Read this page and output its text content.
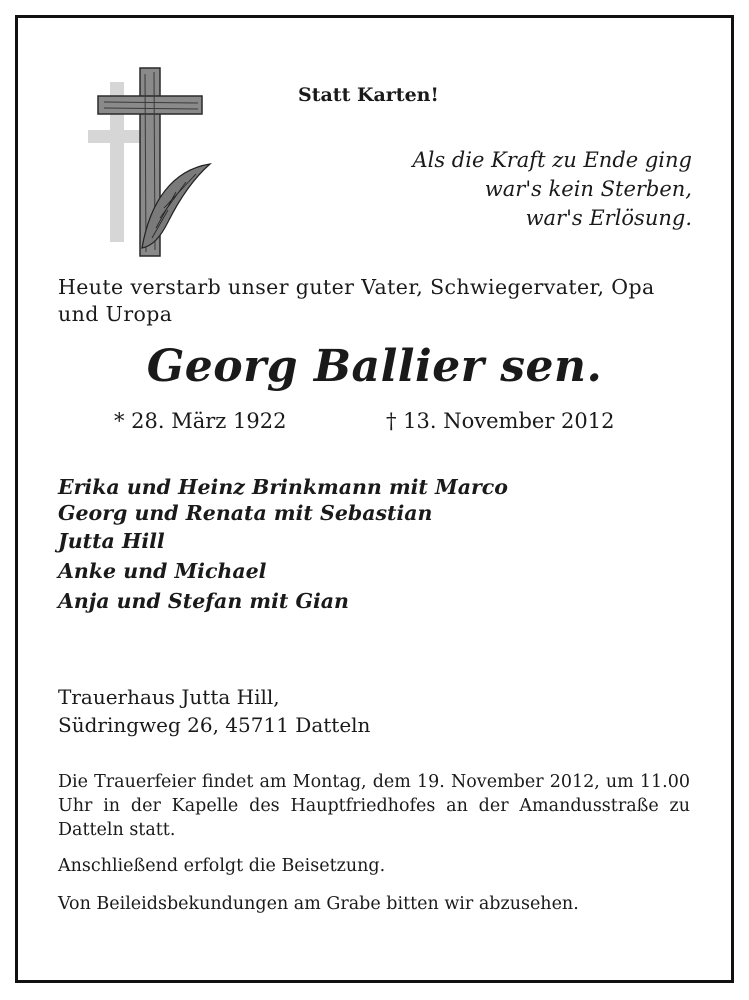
Statt Karten!
Als die Kraft zu Ende ging
war's kein Sterben,
war's Erlösung.
Heute verstarb unser guter Vater, Schwiegervater, Opa und Uropa
Georg Ballier sen.
* 28. März 1922	† 13. November 2012
Erika und Heinz Brinkmann mit Marco
Georg und Renata mit Sebastian
Jutta Hill
Anke und Michael
Anja und Stefan mit Gian
Trauerhaus Jutta Hill,
Südringweg 26, 45711 Datteln
Die Trauerfeier findet am Montag, dem 19. November 2012, um 11.00 Uhr in der Kapelle des Hauptfriedhofes an der Amandusstraße zu Datteln statt.
Anschließend erfolgt die Beisetzung.
Von Beileidsbekundungen am Grabe bitten wir abzusehen.
